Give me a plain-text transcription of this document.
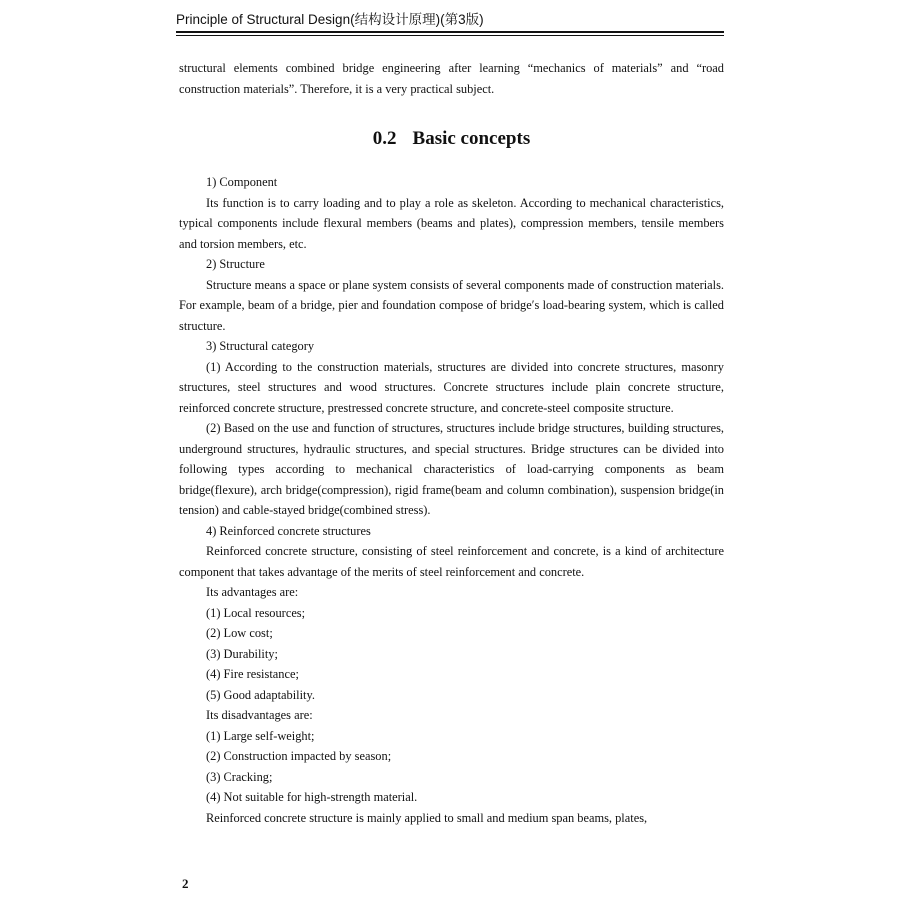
Principle of Structural Design(结构设计原理)(第3版)

structural elements combined bridge engineering after learning “mechanics of materials” and “road construction materials”. Therefore, it is a very practical subject.

0.2 Basic concepts

1) Component

Its function is to carry loading and to play a role as skeleton. According to mechanical characteristics, typical components include flexural members (beams and plates), compression members, tensile members and torsion members, etc.

2) Structure

Structure means a space or plane system consists of several components made of construction materials. For example, beam of a bridge, pier and foundation compose of bridge′s load-bearing system, which is called structure.

3) Structural category

(1) According to the construction materials, structures are divided into concrete structures, masonry structures, steel structures and wood structures. Concrete structures include plain concrete structure, reinforced concrete structure, prestressed concrete structure, and concrete-steel composite structure.

(2) Based on the use and function of structures, structures include bridge structures, building structures, underground structures, hydraulic structures, and special structures. Bridge structures can be divided into following types according to mechanical characteristics of load-carrying components as beam bridge(flexure), arch bridge(compression), rigid frame(beam and column combination), suspension bridge(in tension) and cable-stayed bridge(combined stress).

4) Reinforced concrete structures

Reinforced concrete structure, consisting of steel reinforcement and concrete, is a kind of architecture component that takes advantage of the merits of steel reinforcement and concrete.

Its advantages are:

(1) Local resources;

(2) Low cost;

(3) Durability;

(4) Fire resistance;

(5) Good adaptability.

Its disadvantages are:

(1) Large self-weight;

(2) Construction impacted by season;

(3) Cracking;

(4) Not suitable for high-strength material.

Reinforced concrete structure is mainly applied to small and medium span beams, plates,

2
